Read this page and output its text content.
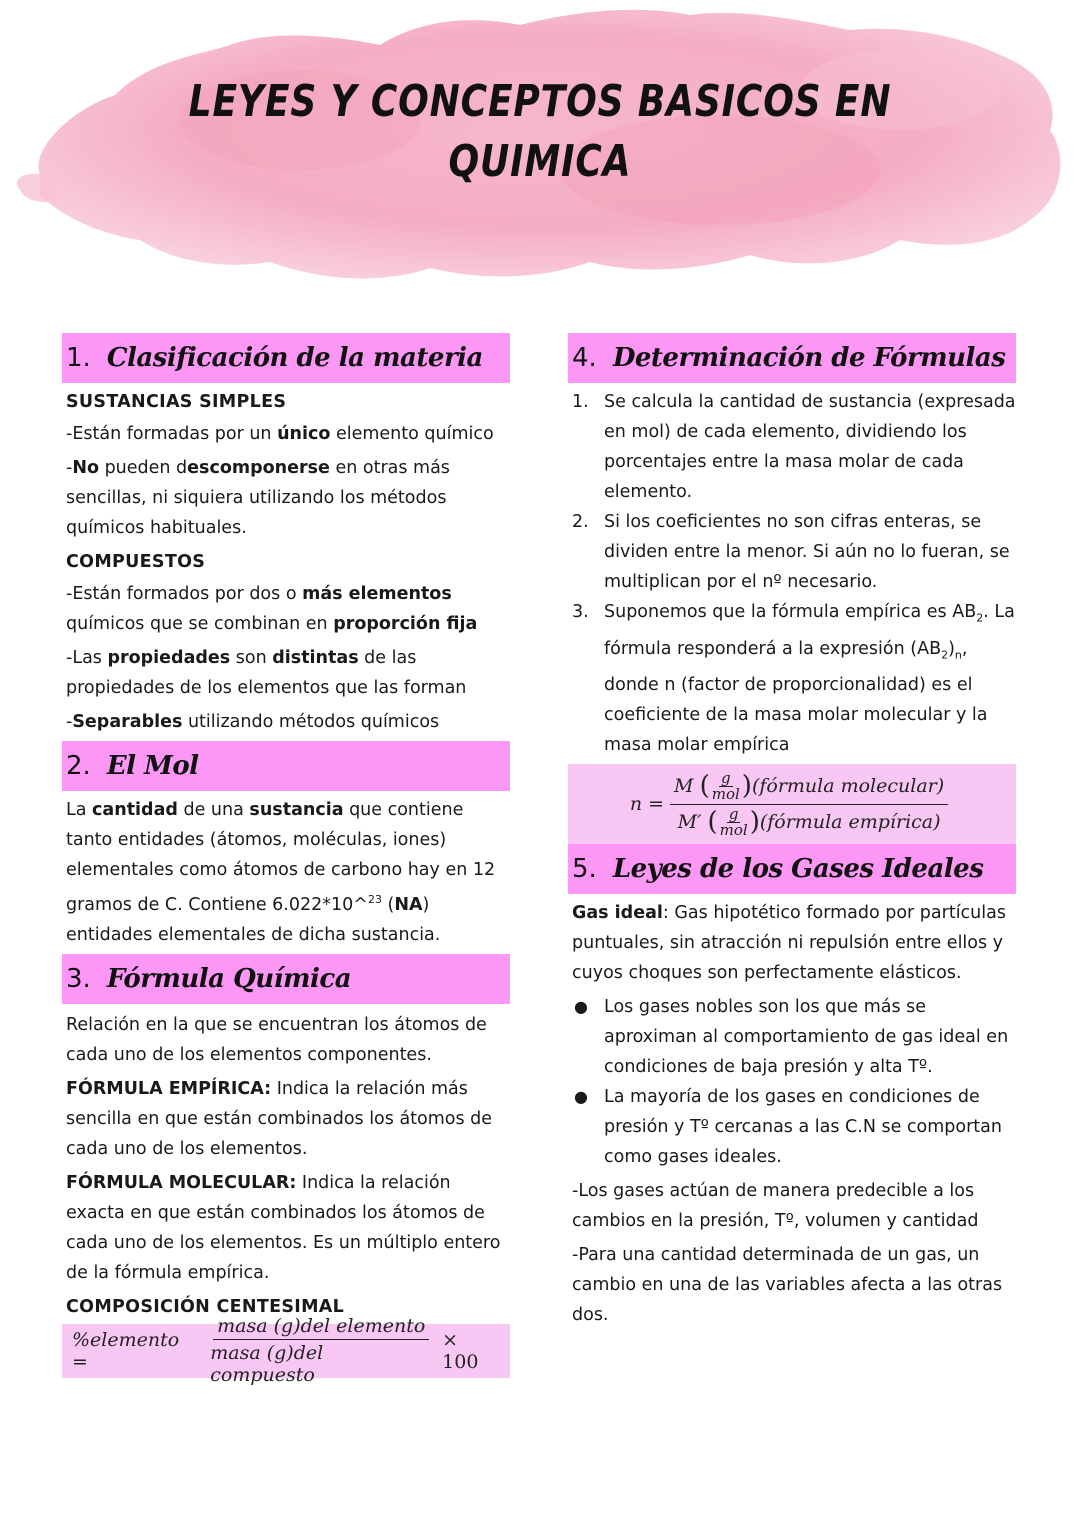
LEYES Y CONCEPTOS BASICOS EN
QUIMICA
1. Clasificación de la materia
SUSTANCIAS SIMPLES
-Están formadas por un único elemento químico
-No pueden descomponerse en otras más sencillas, ni siquiera utilizando los métodos químicos habituales.
COMPUESTOS
-Están formados por dos o más elementos químicos que se combinan en proporción fija
-Las propiedades son distintas de las propiedades de los elementos que las forman
-Separables utilizando métodos químicos
2. El Mol
La cantidad de una sustancia que contiene tanto entidades (átomos, moléculas, iones) elementales como átomos de carbono hay en 12 gramos de C. Contiene 6.022*10^$^{23}$ (NA) entidades elementales de dicha sustancia.
3. Fórmula Química
Relación en la que se encuentran los átomos de cada uno de los elementos componentes.
FÓRMULA EMPÍRICA: Indica la relación más sencilla en que están combinados los átomos de cada uno de los elementos.
FÓRMULA MOLECULAR: Indica la relación exacta en que están combinados los átomos de cada uno de los elementos. Es un múltiplo entero de la fórmula empírica.
COMPOSICIÓN CENTESIMAL
%elemento =	$\frac{\text{masa (g)del elemento}}{\text{masa (g)del compuesto}} \times 100$
4. Determinación de Fórmulas
1. Se calcula la cantidad de sustancia (expresada en mol) de cada elemento, dividiendo los porcentajes entre la masa molar de cada elemento.
2. Si los coeficientes no son cifras enteras, se dividen entre la menor. Si aún no lo fueran, se multiplican por el nº necesario.
3. Suponemos que la fórmula empírica es $AB_2$. La fórmula responderá a la expresión $(AB_2)_n$, donde n (factor de proporcionalidad) es el coeficiente de la masa molar molecular y la masa molar empírica
n = M
( g
mol ) (fórmula molecular)
M′
( g
mol ) (fórmula empírica)
5. Leyes de los Gases Ideales
Gas ideal: Gas hipotético formado por partículas puntuales, sin atracción ni repulsión entre ellos y cuyos choques son perfectamente elásticos.
● Los gases nobles son los que más se aproximan al comportamiento de gas ideal en condiciones de baja presión y alta Tº.
● La mayoría de los gases en condiciones de presión y Tº cercanas a las C.N se comportan como gases ideales.
-Los gases actúan de manera predecible a los cambios en la presión, Tº, volumen y cantidad
-Para una cantidad determinada de un gas, un cambio en una de las variables afecta a las otras dos.
